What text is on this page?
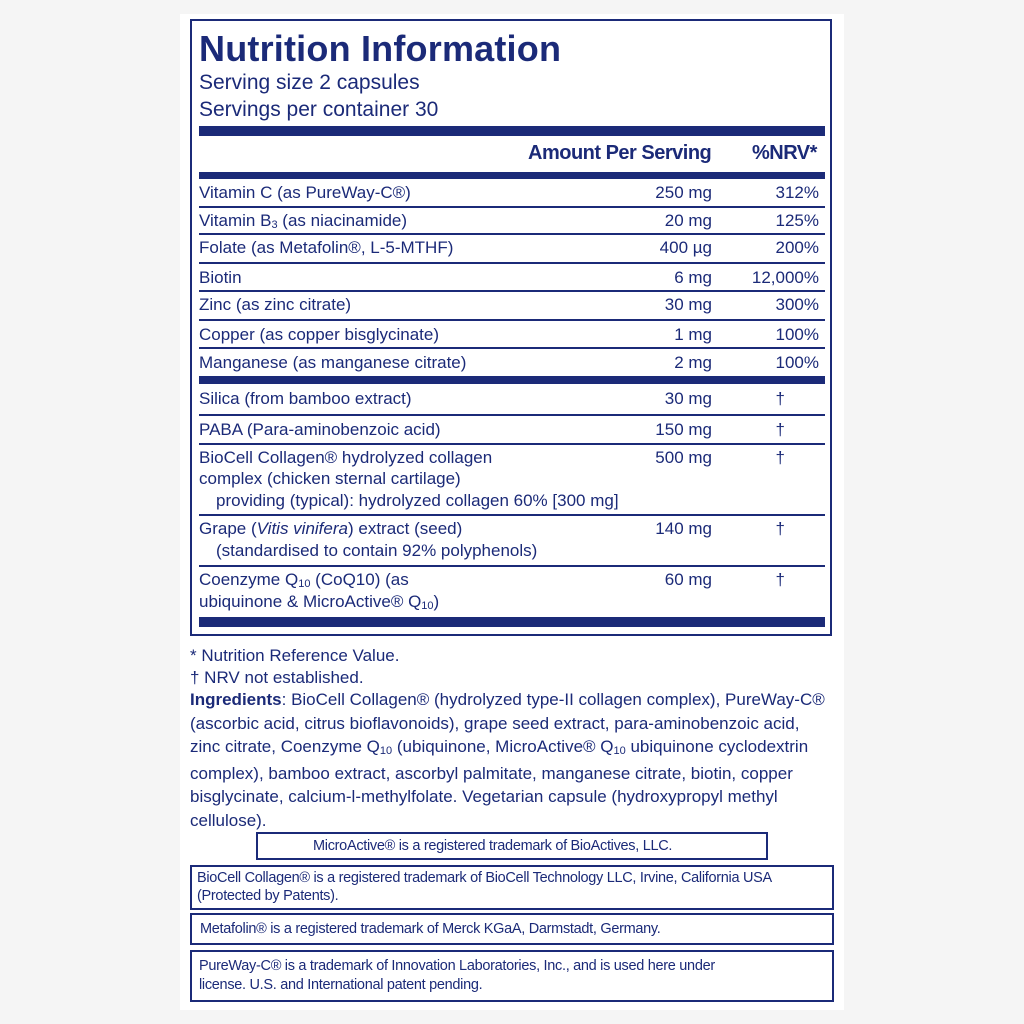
Nutrition Information
Serving size 2 capsules
Servings per container 30
Amount Per Serving %NRV*
Vitamin C (as PureWay-C®)	250 mg	312%
Vitamin B3 (as niacinamide)	20 mg	125%
Folate (as Metafolin®, L-5-MTHF)	400 µg	200%
Biotin	6 mg 12,000%
Zinc (as zinc citrate)	30 mg	300%
Copper (as copper bisglycinate)	1 mg	100%
Manganese (as manganese citrate)	2 mg	100%
Silica (from bamboo extract)	30 mg	†
PABA (Para-aminobenzoic acid)	150 mg	†
BioCell Collagen® hydrolyzed collagen
complex (chicken sternal cartilage)
providing (typical): hydrolyzed collagen 60% [300 mg]
500 mg	†
Grape (Vitis vinifera) extract (seed)
(standardised to contain 92% polyphenols)
140 mg	†
Coenzyme Q10 (CoQ10) (as
ubiquinone & MicroActive® Q10)
60 mg	†
* Nutrition Reference Value.
† NRV not established.
Ingredients: BioCell Collagen® (hydrolyzed type-II collagen complex), PureWay-C® (ascorbic acid, citrus bioflavonoids), grape seed extract, para-aminobenzoic acid, zinc citrate, Coenzyme Q10 (ubiquinone, MicroActive® Q10 ubiquinone cyclodextrin complex), bamboo extract, ascorbyl palmitate, manganese citrate, biotin, copper bisglycinate, calcium-l-methylfolate. Vegetarian capsule (hydroxypropyl methyl cellulose).
MicroActive® is a registered trademark of BioActives, LLC.
BioCell Collagen® is a registered trademark of BioCell Technology LLC, Irvine, California USA
(Protected by Patents).
Metafolin® is a registered trademark of Merck KGaA, Darmstadt, Germany.
PureWay-C® is a trademark of Innovation Laboratories, Inc., and is used here under
license. U.S. and International patent pending.
